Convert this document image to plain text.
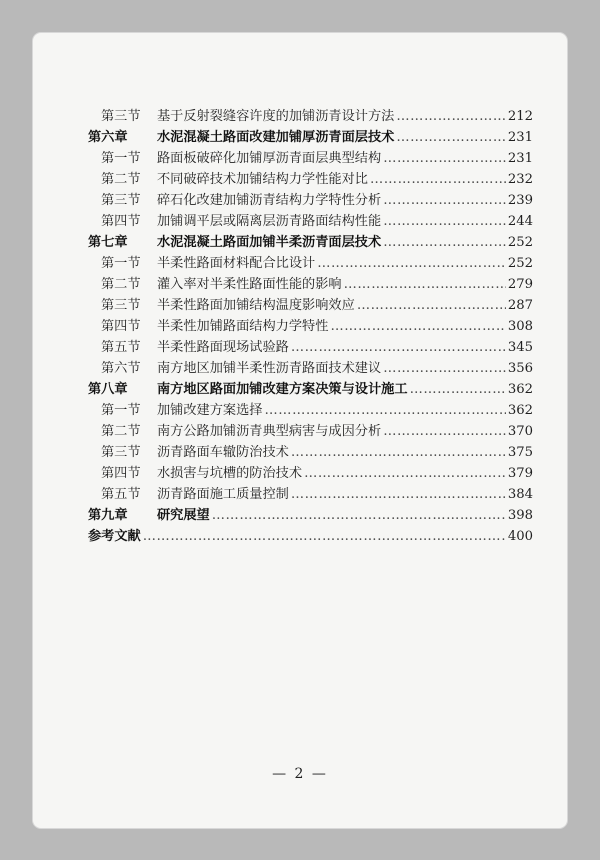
第三节	基于反射裂缝容许度的加铺沥青设计方法 …………………………………………………………………………………………………………………………………………	212
第六章	水泥混凝土路面改建加铺厚沥青面层技术 …………………………………………………………………………………………………………………………………………	231
第一节	路面板破碎化加铺厚沥青面层典型结构 …………………………………………………………………………………………………………………………………………	231
第二节	不同破碎技术加铺结构力学性能对比 …………………………………………………………………………………………………………………………………………	232
第三节	碎石化改建加铺沥青结构力学特性分析 …………………………………………………………………………………………………………………………………………	239
第四节	加铺调平层或隔离层沥青路面结构性能 …………………………………………………………………………………………………………………………………………	244
第七章	水泥混凝土路面加铺半柔沥青面层技术 …………………………………………………………………………………………………………………………………………	252
第一节	半柔性路面材料配合比设计 …………………………………………………………………………………………………………………………………………	252
第二节	灌入率对半柔性路面性能的影响 …………………………………………………………………………………………………………………………………………	279
第三节	半柔性路面加铺结构温度影响效应 …………………………………………………………………………………………………………………………………………	287
第四节	半柔性加铺路面结构力学特性 …………………………………………………………………………………………………………………………………………	308
第五节	半柔性路面现场试验路 …………………………………………………………………………………………………………………………………………	345
第六节	南方地区加铺半柔性沥青路面技术建议 …………………………………………………………………………………………………………………………………………	356
第八章	南方地区路面加铺改建方案决策与设计施工 …………………………………………………………………………………………………………………………………………	362
第一节	加铺改建方案选择 …………………………………………………………………………………………………………………………………………	362
第二节	南方公路加铺沥青典型病害与成因分析 …………………………………………………………………………………………………………………………………………	370
第三节	沥青路面车辙防治技术 …………………………………………………………………………………………………………………………………………	375
第四节	水损害与坑槽的防治技术 …………………………………………………………………………………………………………………………………………	379
第五节	沥青路面施工质量控制 …………………………………………………………………………………………………………………………………………	384
第九章	研究展望 …………………………………………………………………………………………………………………………………………	398
参考文献 …………………………………………………………………………………………………………………………………………	400
— 2 —
